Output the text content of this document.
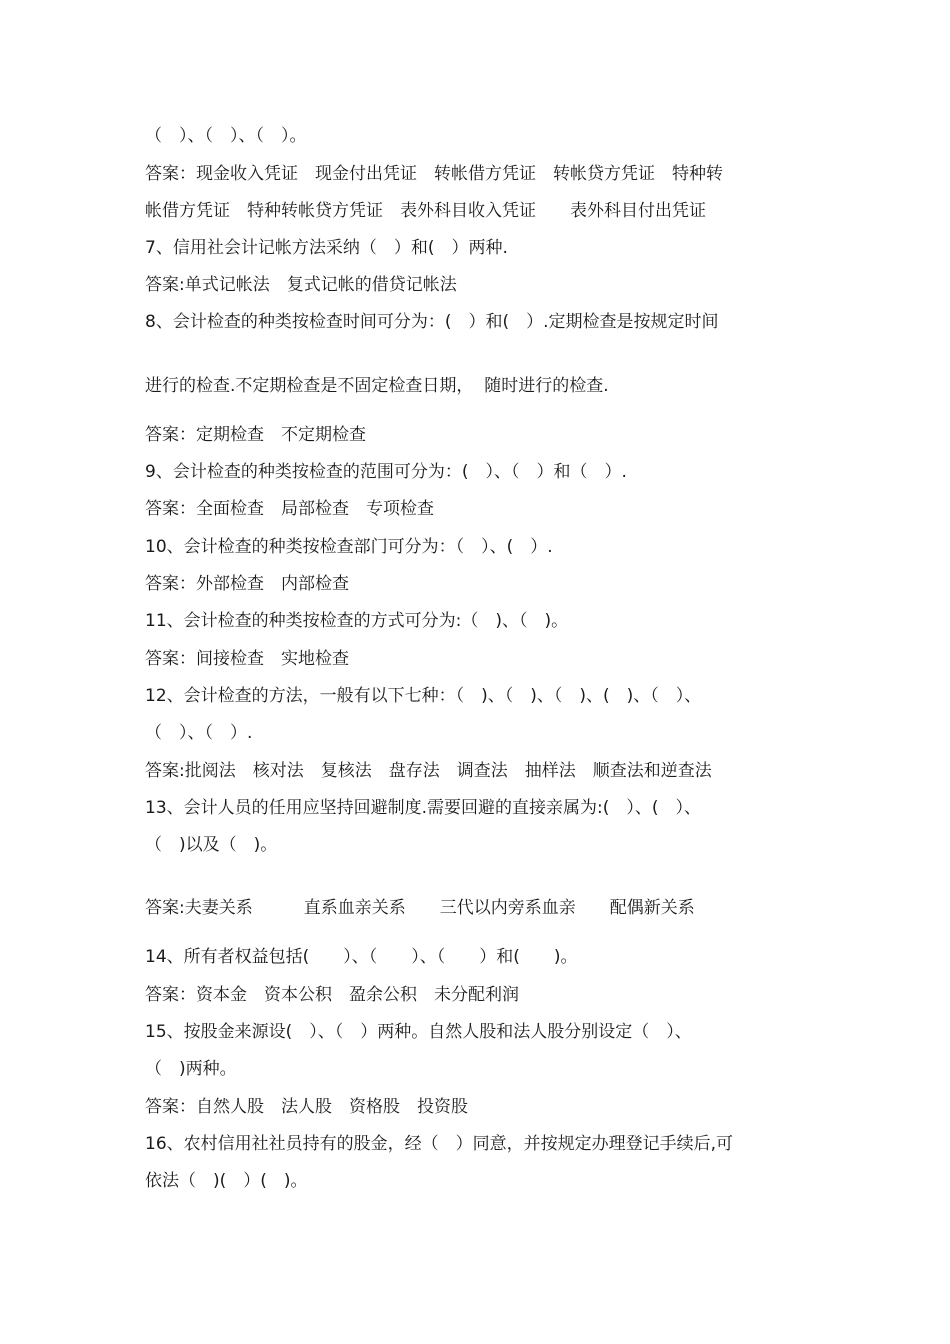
（　）、（　）、（　）。
答案：现金收入凭证　现金付出凭证　转帐借方凭证　转帐贷方凭证　特种转
帐借方凭证　特种转帐贷方凭证　表外科目收入凭证　　表外科目付出凭证
7、信用社会计记帐方法采纳（　）和(　）两种.
答案:单式记帐法　复式记帐的借贷记帐法
8、会计检查的种类按检查时间可分为：(　）和(　）.定期检查是按规定时间
进行的检查.不定期检查是不固定检查日期，  随时进行的检查.
答案：定期检查　不定期检查
9、会计检查的种类按检查的范围可分为：(　）、（　）和（　）.
答案：全面检查　局部检查　专项检查
10、会计检查的种类按检查部门可分为：（　）、(　）.
答案：外部检查　内部检查
11、会计检查的种类按检查的方式可分为:（　)、（　)。
答案：间接检查　实地检查
12、会计检查的方法，一般有以下七种：（　)、（　)、（　)、(　)、（　）、
（　）、（　）.
答案:批阅法　核对法　复核法　盘存法　调查法　抽样法　顺查法和逆查法
13、会计人员的任用应坚持回避制度.需要回避的直接亲属为:(　）、(　）、
（　)以及（　)。
答案:夫妻关系　　　直系血亲关系　　三代以内旁系血亲　　配偶新关系
14、所有者权益包括(　　）、（　　）、（　　）和(　　)。
答案：资本金　资本公积　盈余公积　未分配利润
15、按股金来源设(　）、（　）两种。自然人股和法人股分别设定（　）、
（　)两种。
答案：自然人股　法人股　资格股　投资股
16、农村信用社社员持有的股金，经（　）同意，并按规定办理登记手续后,可
依法（　)(　）(　)。
